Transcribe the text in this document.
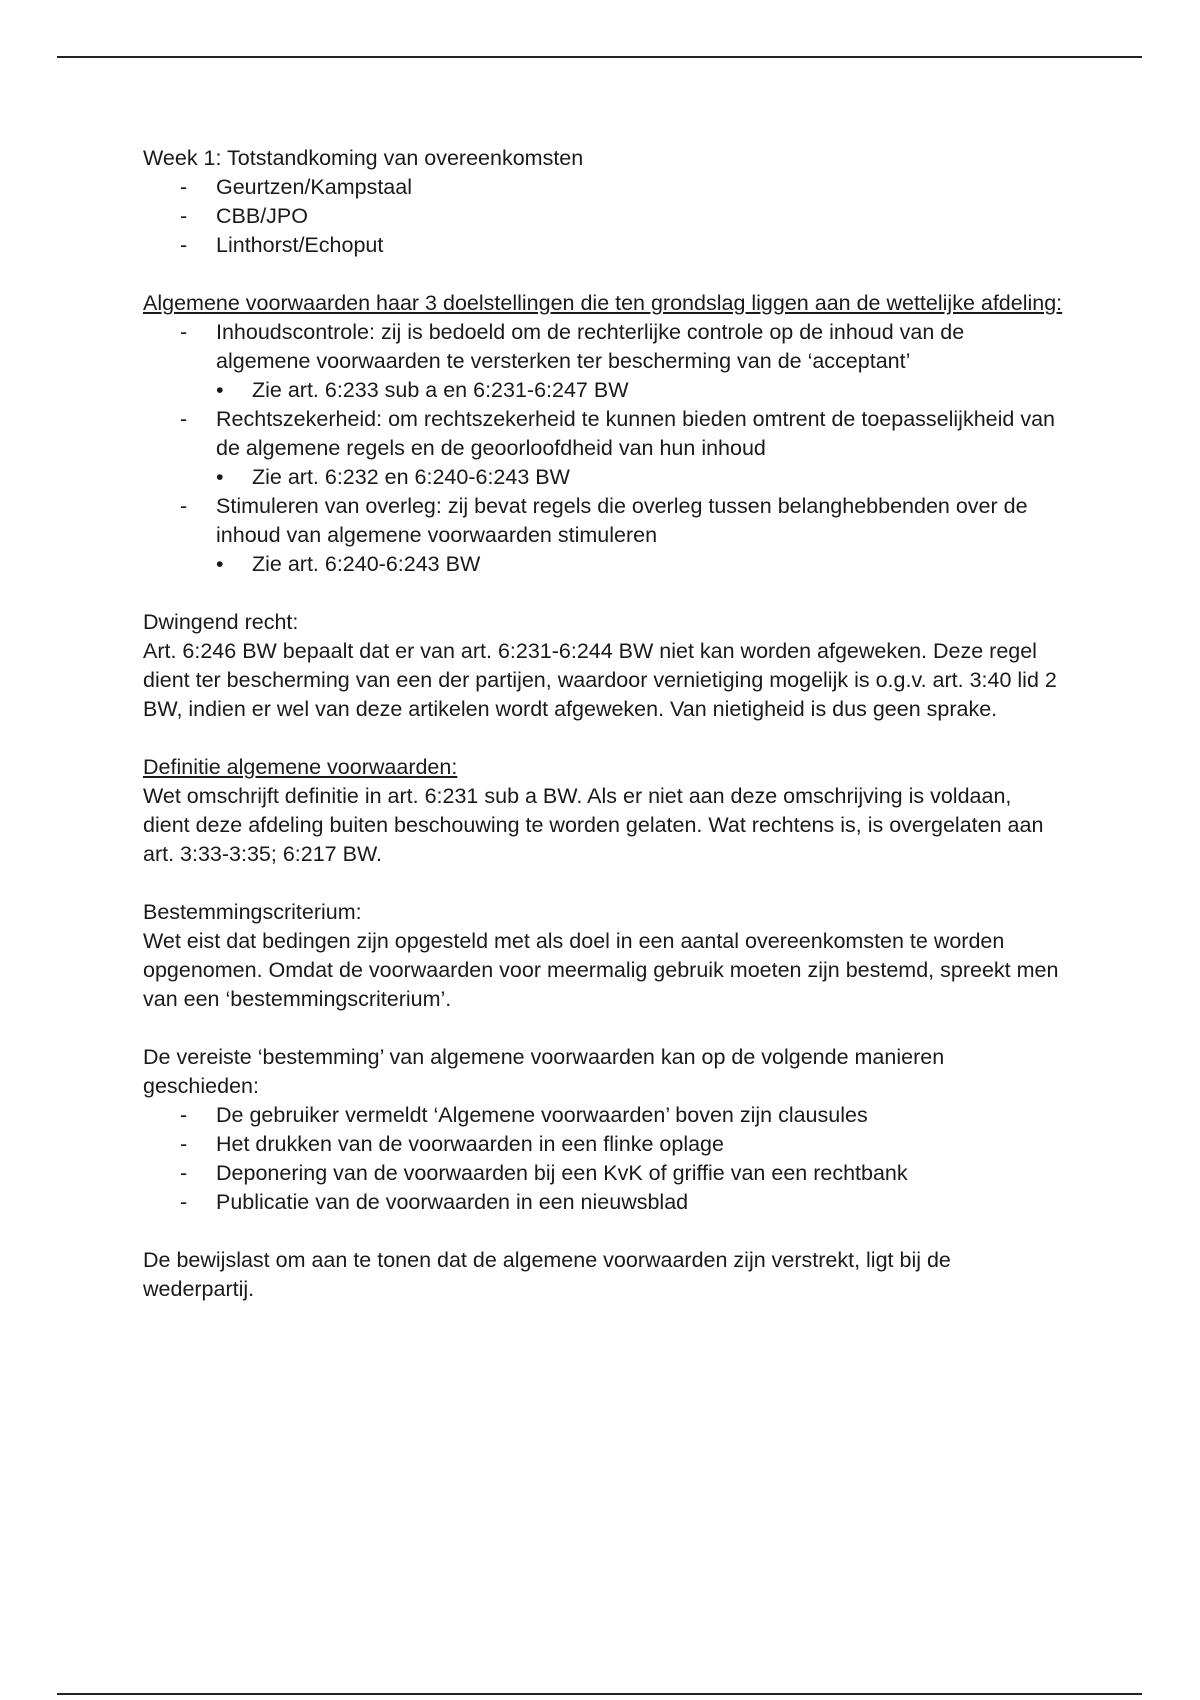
Week 1: Totstandkoming van overeenkomsten

- Geurtzen/Kampstaal
- CBB/JPO
- Linthorst/Echoput

Algemene voorwaarden haar 3 doelstellingen die ten grondslag liggen aan de wettelijke afdeling:

- Inhoudscontrole: zij is bedoeld om de rechterlijke controle op de inhoud van de algemene voorwaarden te versterken ter bescherming van de ‘acceptant’
• Zie art. 6:233 sub a en 6:231-6:247 BW
- Rechtszekerheid: om rechtszekerheid te kunnen bieden omtrent de toepasselijkheid van de algemene regels en de geoorloofdheid van hun inhoud
• Zie art. 6:232 en 6:240-6:243 BW
- Stimuleren van overleg: zij bevat regels die overleg tussen belanghebbenden over de inhoud van algemene voorwaarden stimuleren
• Zie art. 6:240-6:243 BW

Dwingend recht:

Art. 6:246 BW bepaalt dat er van art. 6:231-6:244 BW niet kan worden afgeweken. Deze regel dient ter bescherming van een der partijen, waardoor vernietiging mogelijk is o.g.v. art. 3:40 lid 2 BW, indien er wel van deze artikelen wordt afgeweken. Van nietigheid is dus geen sprake.

Definitie algemene voorwaarden:

Wet omschrijft definitie in art. 6:231 sub a BW. Als er niet aan deze omschrijving is voldaan, dient deze afdeling buiten beschouwing te worden gelaten. Wat rechtens is, is overgelaten aan art. 3:33-3:35; 6:217 BW.

Bestemmingscriterium:

Wet eist dat bedingen zijn opgesteld met als doel in een aantal overeenkomsten te worden opgenomen. Omdat de voorwaarden voor meermalig gebruik moeten zijn bestemd, spreekt men van een ‘bestemmingscriterium’.

De vereiste ‘bestemming’ van algemene voorwaarden kan op de volgende manieren geschieden:

- De gebruiker vermeldt ‘Algemene voorwaarden’ boven zijn clausules
- Het drukken van de voorwaarden in een flinke oplage
- Deponering van de voorwaarden bij een KvK of griffie van een rechtbank
- Publicatie van de voorwaarden in een nieuwsblad

De bewijslast om aan te tonen dat de algemene voorwaarden zijn verstrekt, ligt bij de wederpartij.
